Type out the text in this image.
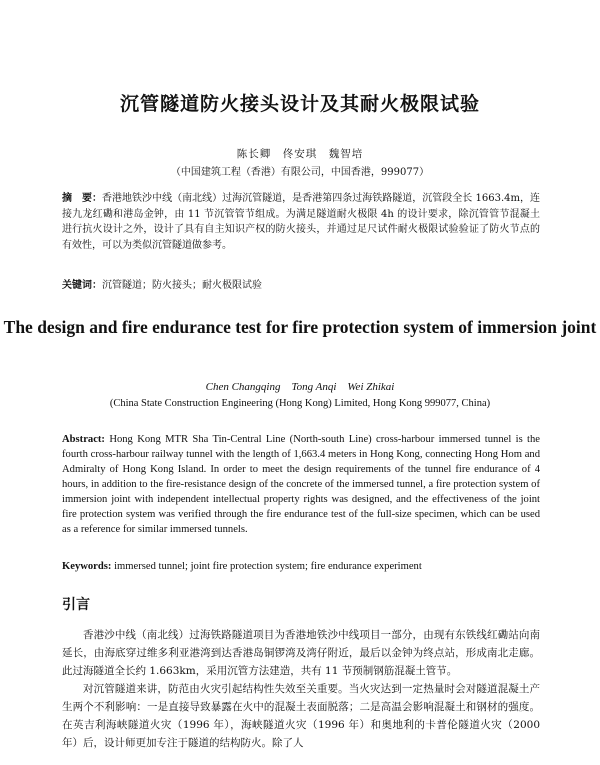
沉管隧道防火接头设计及其耐火极限试验
陈长卿　佟安琪　魏智培
（中国建筑工程（香港）有限公司，中国香港，999077）
摘　要：香港地铁沙中线（南北线）过海沉管隧道，是香港第四条过海铁路隧道，沉管段全长 1663.4m，连接九龙红磡和港岛金钟，由 11 节沉管管节组成。为满足隧道耐火极限 4h 的设计要求，除沉管管节混凝土进行抗火设计之外，设计了具有自主知识产权的防火接头，并通过足尺试件耐火极限试验验证了防火节点的有效性，可以为类似沉管隧道做参考。
关键词：沉管隧道；防火接头；耐火极限试验
The design and fire endurance test for fire protection system of immersion joint
Chen Changqing　Tong Anqi　Wei Zhikai
(China State Construction Engineering (Hong Kong) Limited, Hong Kong 999077, China)
Abstract: Hong Kong MTR Sha Tin-Central Line (North-south Line) cross-harbour immersed tunnel is the fourth cross-harbour railway tunnel with the length of 1,663.4 meters in Hong Kong, connecting Hong Hom and Admiralty of Hong Kong Island. In order to meet the design requirements of the tunnel fire endurance of 4 hours, in addition to the fire-resistance design of the concrete of the immersed tunnel, a fire protection system of immersion joint with independent intellectual property rights was designed, and the effectiveness of the joint fire protection system was verified through the fire endurance test of the full-size specimen, which can be used as a reference for similar immersed tunnels.
Keywords: immersed tunnel; joint fire protection system; fire endurance experiment
引言

香港沙中线（南北线）过海铁路隧道项目为香港地铁沙中线项目一部分，由现有东铁线红磡站向南延长，由海底穿过维多利亚港湾到达香港岛铜锣湾及湾仔附近，最后以金钟为终点站，形成南北走廊。此过海隧道全长约 1.663km，采用沉管方法建造，共有 11 节预制钢筋混凝土管节。

对沉管隧道来讲，防范由火灾引起结构性失效至关重要。当火灾达到一定热量时会对隧道混凝土产生两个不利影响：一是直接导致暴露在火中的混凝土表面脱落；二是高温会影响混凝土和钢材的强度。在英吉利海峡隧道火灾（1996 年），海峡隧道火灾（1996 年）和奥地利的卡普伦隧道火灾（2000 年）后，设计师更加专注于隧道的结构防火。除了人
